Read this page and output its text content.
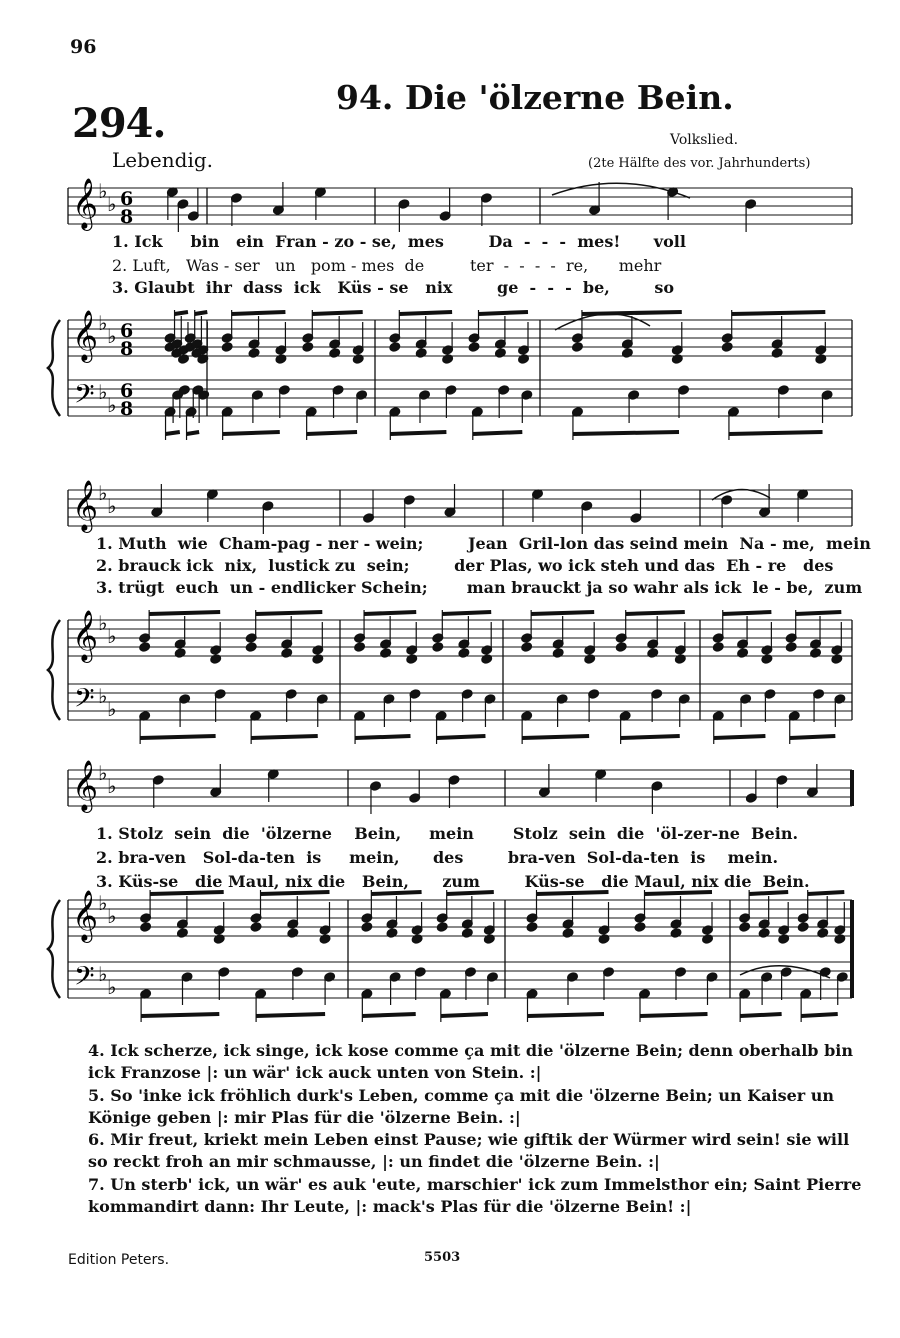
96
294.
94. Die 'ölzerne Bein.
Lebendig.
Volkslied.
(2te Hälfte des vor. Jahrhunderts)
𝄞
𝄞
𝄢
♭
♭
♭
♭
♭
♭
6
8
6
8
6
8
𝄞
𝄞
𝄢
♭
♭
♭
♭
♭
♭
𝄞
𝄞
𝄢
♭
♭
♭
♭
♭
♭
1. Ick     bin   ein  Fran - zo - se,  mes        Da  -  -  -  mes!      voll
2. Luft,   Was - ser   un   pom - mes  de         ter  -  -  -  -  re,      mehr
3. Glaubt  ihr  dass  ick   Küs - se   nix        ge  -  -  -  be,        so
1. Muth  wie  Cham-pag - ner - wein;        Jean  Gril-lon das seind mein  Na - me,  mein
2. brauck ick  nix,  lustick zu  sein;        der Plas, wo ick steh und das  Eh - re   des
3. trügt  euch  un - endlicker Schein;       man brauckt ja so wahr als ick  le - be,  zum
1. Stolz  sein  die  'ölzerne    Bein,     mein       Stolz  sein  die  'öl-zer-ne  Bein.
2. bra-ven   Sol-da-ten  is     mein,      des        bra-ven  Sol-da-ten  is    mein.
3. Küs-se   die Maul, nix die   Bein,      zum        Küs-se   die Maul, nix die  Bein.

4. Ick scherze, ick singe, ick kose comme ça mit die 'ölzerne Bein; denn oberhalb bin ick Franzose |: un wär' ick auck unten von Stein. :|

5. So 'inke ick fröhlich durk's Leben, comme ça mit die 'ölzerne Bein; un Kaiser un Könige geben |: mir Plas für die 'ölzerne Bein. :|

6. Mir freut, kriekt mein Leben einst Pause; wie giftik der Würmer wird sein! sie will so reckt froh an mir schmausse, |: un findet die 'ölzerne Bein. :|

7. Un sterb' ick, un wär' es auk 'eute, marschier' ick zum Immelsthor ein; Saint Pierre kommandirt dann: Ihr Leute, |: mack's Plas für die 'ölzerne Bein! :|

Edition Peters.	5503
